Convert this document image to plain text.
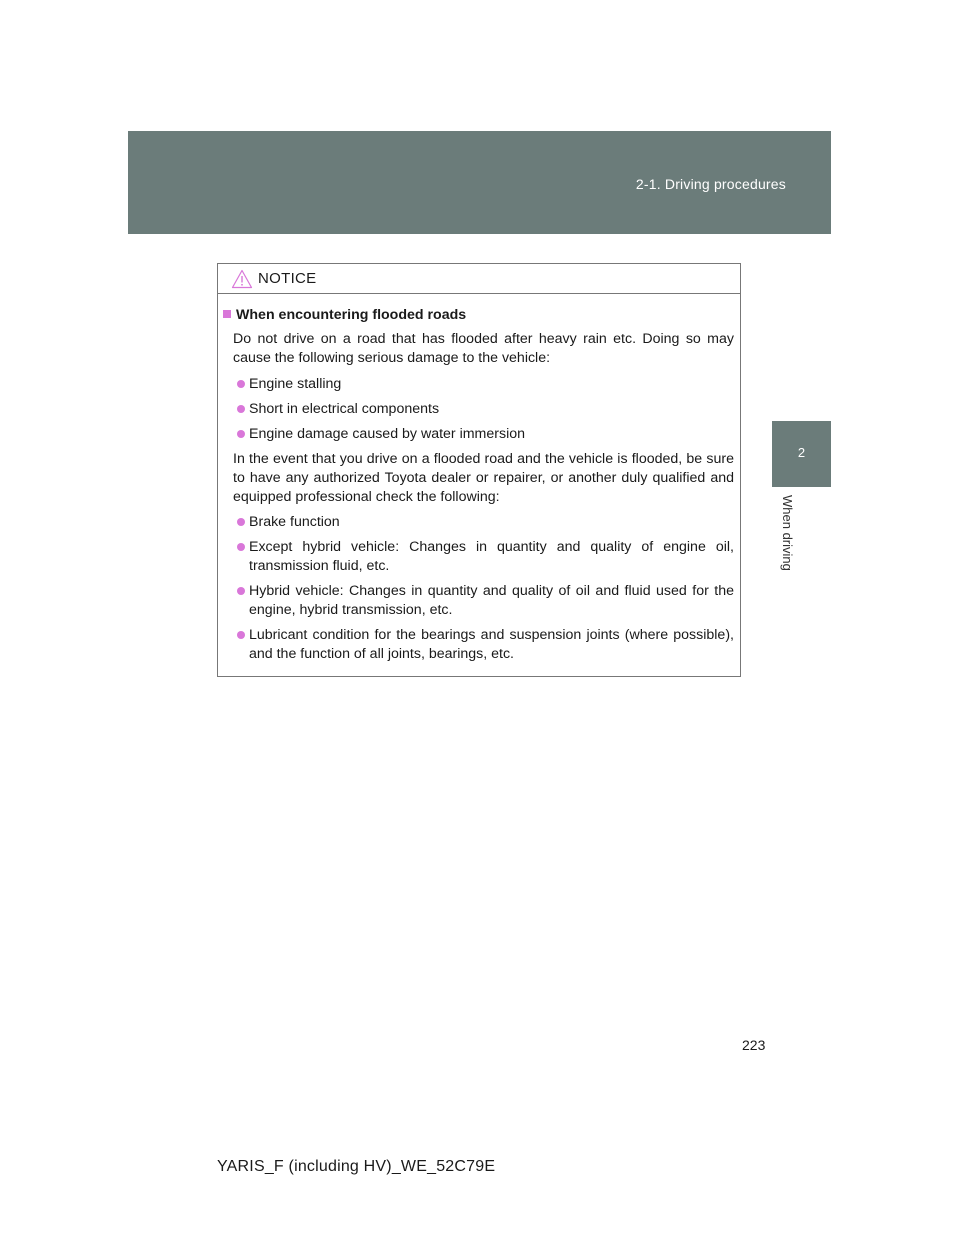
2-1. Driving procedures
2
When driving
NOTICE
When encountering flooded roads
Do not drive on a road that has flooded after heavy rain etc. Doing so may cause the following serious damage to the vehicle:
Engine stalling
Short in electrical components
Engine damage caused by water immersion
In the event that you drive on a flooded road and the vehicle is flooded, be sure to have any authorized Toyota dealer or repairer, or another duly qualified and equipped professional check the following:
Brake function
Except hybrid vehicle: Changes in quantity and quality of engine oil, transmission fluid, etc.
Hybrid vehicle: Changes in quantity and quality of oil and fluid used for the engine, hybrid transmission, etc.
Lubricant condition for the bearings and suspension joints (where possible), and the function of all joints, bearings, etc.
223
YARIS_F (including HV)_WE_52C79E
